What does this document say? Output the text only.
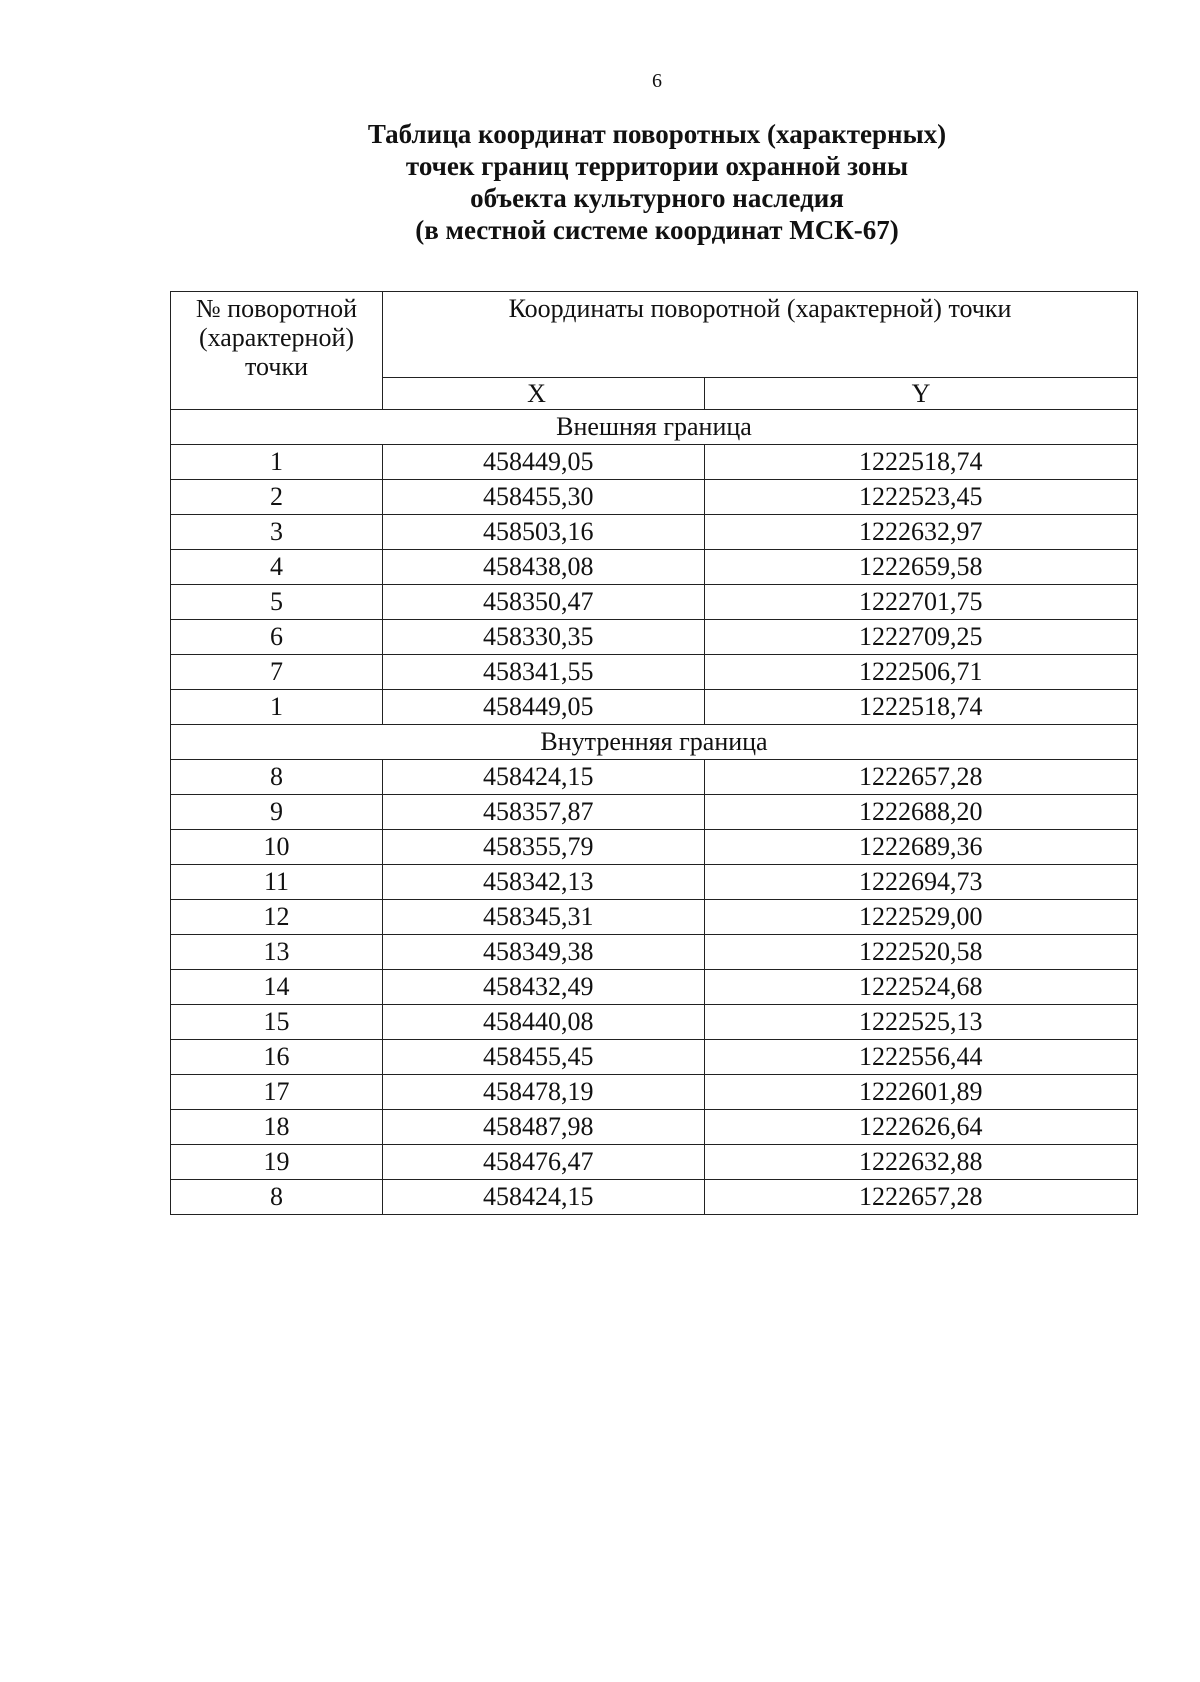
6
Таблица координат поворотных (характерных)
точек границ территории охранной зоны
объекта культурного наследия
(в местной системе координат МСК-67)
№ поворотной (характерной) точки	Координаты поворотной (характерной) точки	
	X	Y
Внешняя граница		
1	458449,05	1222518,74
2	458455,30	1222523,45
3	458503,16	1222632,97
4	458438,08	1222659,58
5	458350,47	1222701,75
6	458330,35	1222709,25
7	458341,55	1222506,71
1	458449,05	1222518,74
Внутренняя граница		
8	458424,15	1222657,28
9	458357,87	1222688,20
10	458355,79	1222689,36
11	458342,13	1222694,73
12	458345,31	1222529,00
13	458349,38	1222520,58
14	458432,49	1222524,68
15	458440,08	1222525,13
16	458455,45	1222556,44
17	458478,19	1222601,89
18	458487,98	1222626,64
19	458476,47	1222632,88
8	458424,15	1222657,28
